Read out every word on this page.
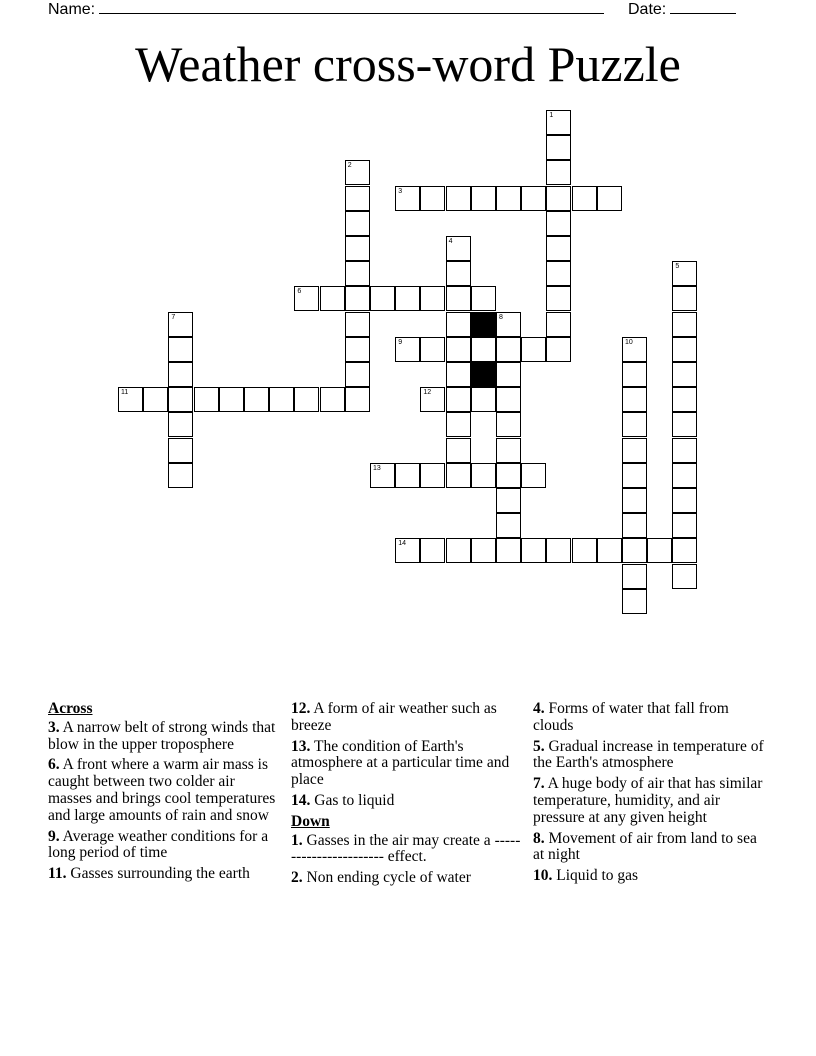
Name:	Date:
Weather cross-word Puzzle
1
2
3
4
5
6
7	8
9	10
11	12
13
14
Across
3. A narrow belt of strong winds that blow in the upper troposphere
6. A front where a warm air mass is caught between two colder air masses and brings cool temperatures and large amounts of rain and snow
9. Average weather conditions for a long period of time
11. Gasses surrounding the earth
12. A form of air weather such as breeze
13. The condition of Earth's atmosphere at a particular time and place
14. Gas to liquid
Down
1. Gasses in the air may create a ----------------------- effect.
2. Non ending cycle of water
4. Forms of water that fall from clouds
5. Gradual increase in temperature of the Earth's atmosphere
7. A huge body of air that has similar temperature, humidity, and air pressure at any given height
8. Movement of air from land to sea at night
10. Liquid to gas
